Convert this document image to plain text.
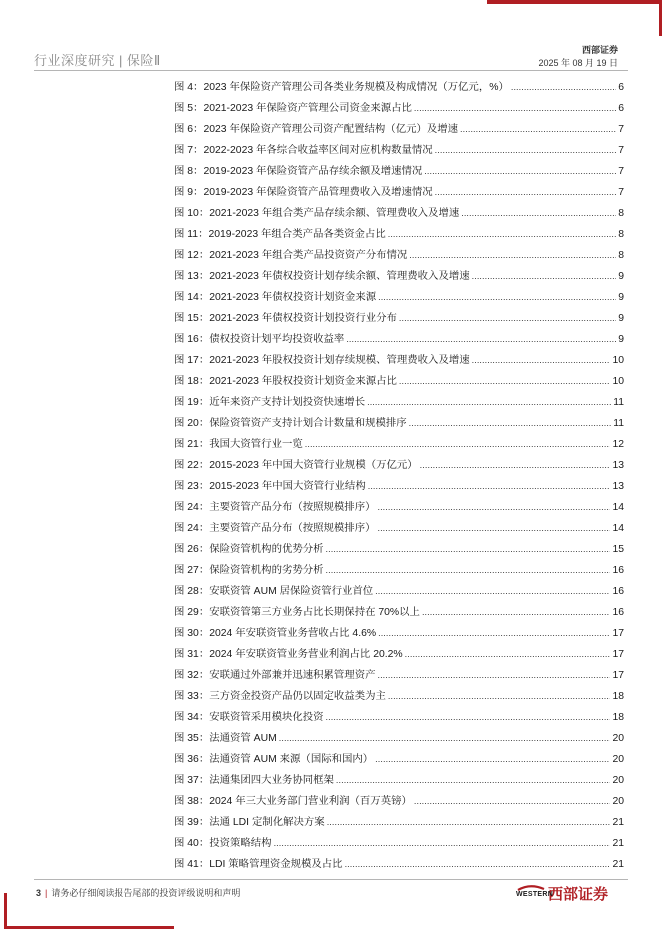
行业深度研究 | 保险Ⅱ
西部证券
2025 年 08 月 19 日
图 4：2023 年保险资产管理公司各类业务规模及构成情况（万亿元，%） . . .	6
图 5：2021-2023 年保险资产管理公司资金来源占比 . . .	6
图 6：2023 年保险资产管理公司资产配置结构（亿元）及增速 . . .	7
图 7：2022-2023 年各综合收益率区间对应机构数量情况 . . .	7
图 8：2019-2023 年保险资管产品存续余额及增速情况 . . .	7
图 9：2019-2023 年保险资管产品管理费收入及增速情况 . . .	7
图 10：2021-2023 年组合类产品存续余额、管理费收入及增速 . . .	8
图 11：2019-2023 年组合类产品各类资金占比 . . .	8
图 12：2021-2023 年组合类产品投资资产分布情况 . . .	8
图 13：2021-2023 年债权投资计划存续余额、管理费收入及增速 . . .	9
图 14：2021-2023 年债权投资计划资金来源 . . .	9
图 15：2021-2023 年债权投资计划投资行业分布 . . .	9
图 16：债权投资计划平均投资收益率 . . .	9
图 17：2021-2023 年股权投资计划存续规模、管理费收入及增速 . . .	10
图 18：2021-2023 年股权投资计划资金来源占比 . . .	10
图 19：近年来资产支持计划投资快速增长 . . .	11
图 20：保险资管资产支持计划合计数量和规模排序 . . .	11
图 21：我国大资管行业一览 . . .	12
图 22：2015-2023 年中国大资管行业规模（万亿元） . . .	13
图 23：2015-2023 年中国大资管行业结构 . . .	13
图 24：主要资管产品分布（按照规模排序） . . .	14
图 24：主要资管产品分布（按照规模排序） . . .	14
图 26：保险资管机构的优势分析 . . .	15
图 27：保险资管机构的劣势分析 . . .	16
图 28：安联资管 AUM 居保险资管行业首位 . . .	16
图 29：安联资管第三方业务占比长期保持在 70%以上 . . .	16
图 30：2024 年安联资管业务营收占比 4.6% . . .	17
图 31：2024 年安联资管业务营业利润占比 20.2% . . .	17
图 32：安联通过外部兼并迅速积累管理资产 . . .	17
图 33：三方资金投资产品仍以固定收益类为主 . . .	18
图 34：安联资管采用模块化投资 . . .	18
图 35：法通资管 AUM . . .	20
图 36：法通资管 AUM 来源（国际和国内） . . .	20
图 37：法通集团四大业务协同框架 . . .	20
图 38：2024 年三大业务部门营业利润（百万英镑） . . .	20
图 39：法通 LDI 定制化解决方案 . . .	21
图 40：投资策略结构 . . .	21
图 41：LDI 策略管理资金规模及占比 . . .	21
3 | 请务必仔细阅读报告尾部的投资评级说明和声明	WESTERN
西部证券
